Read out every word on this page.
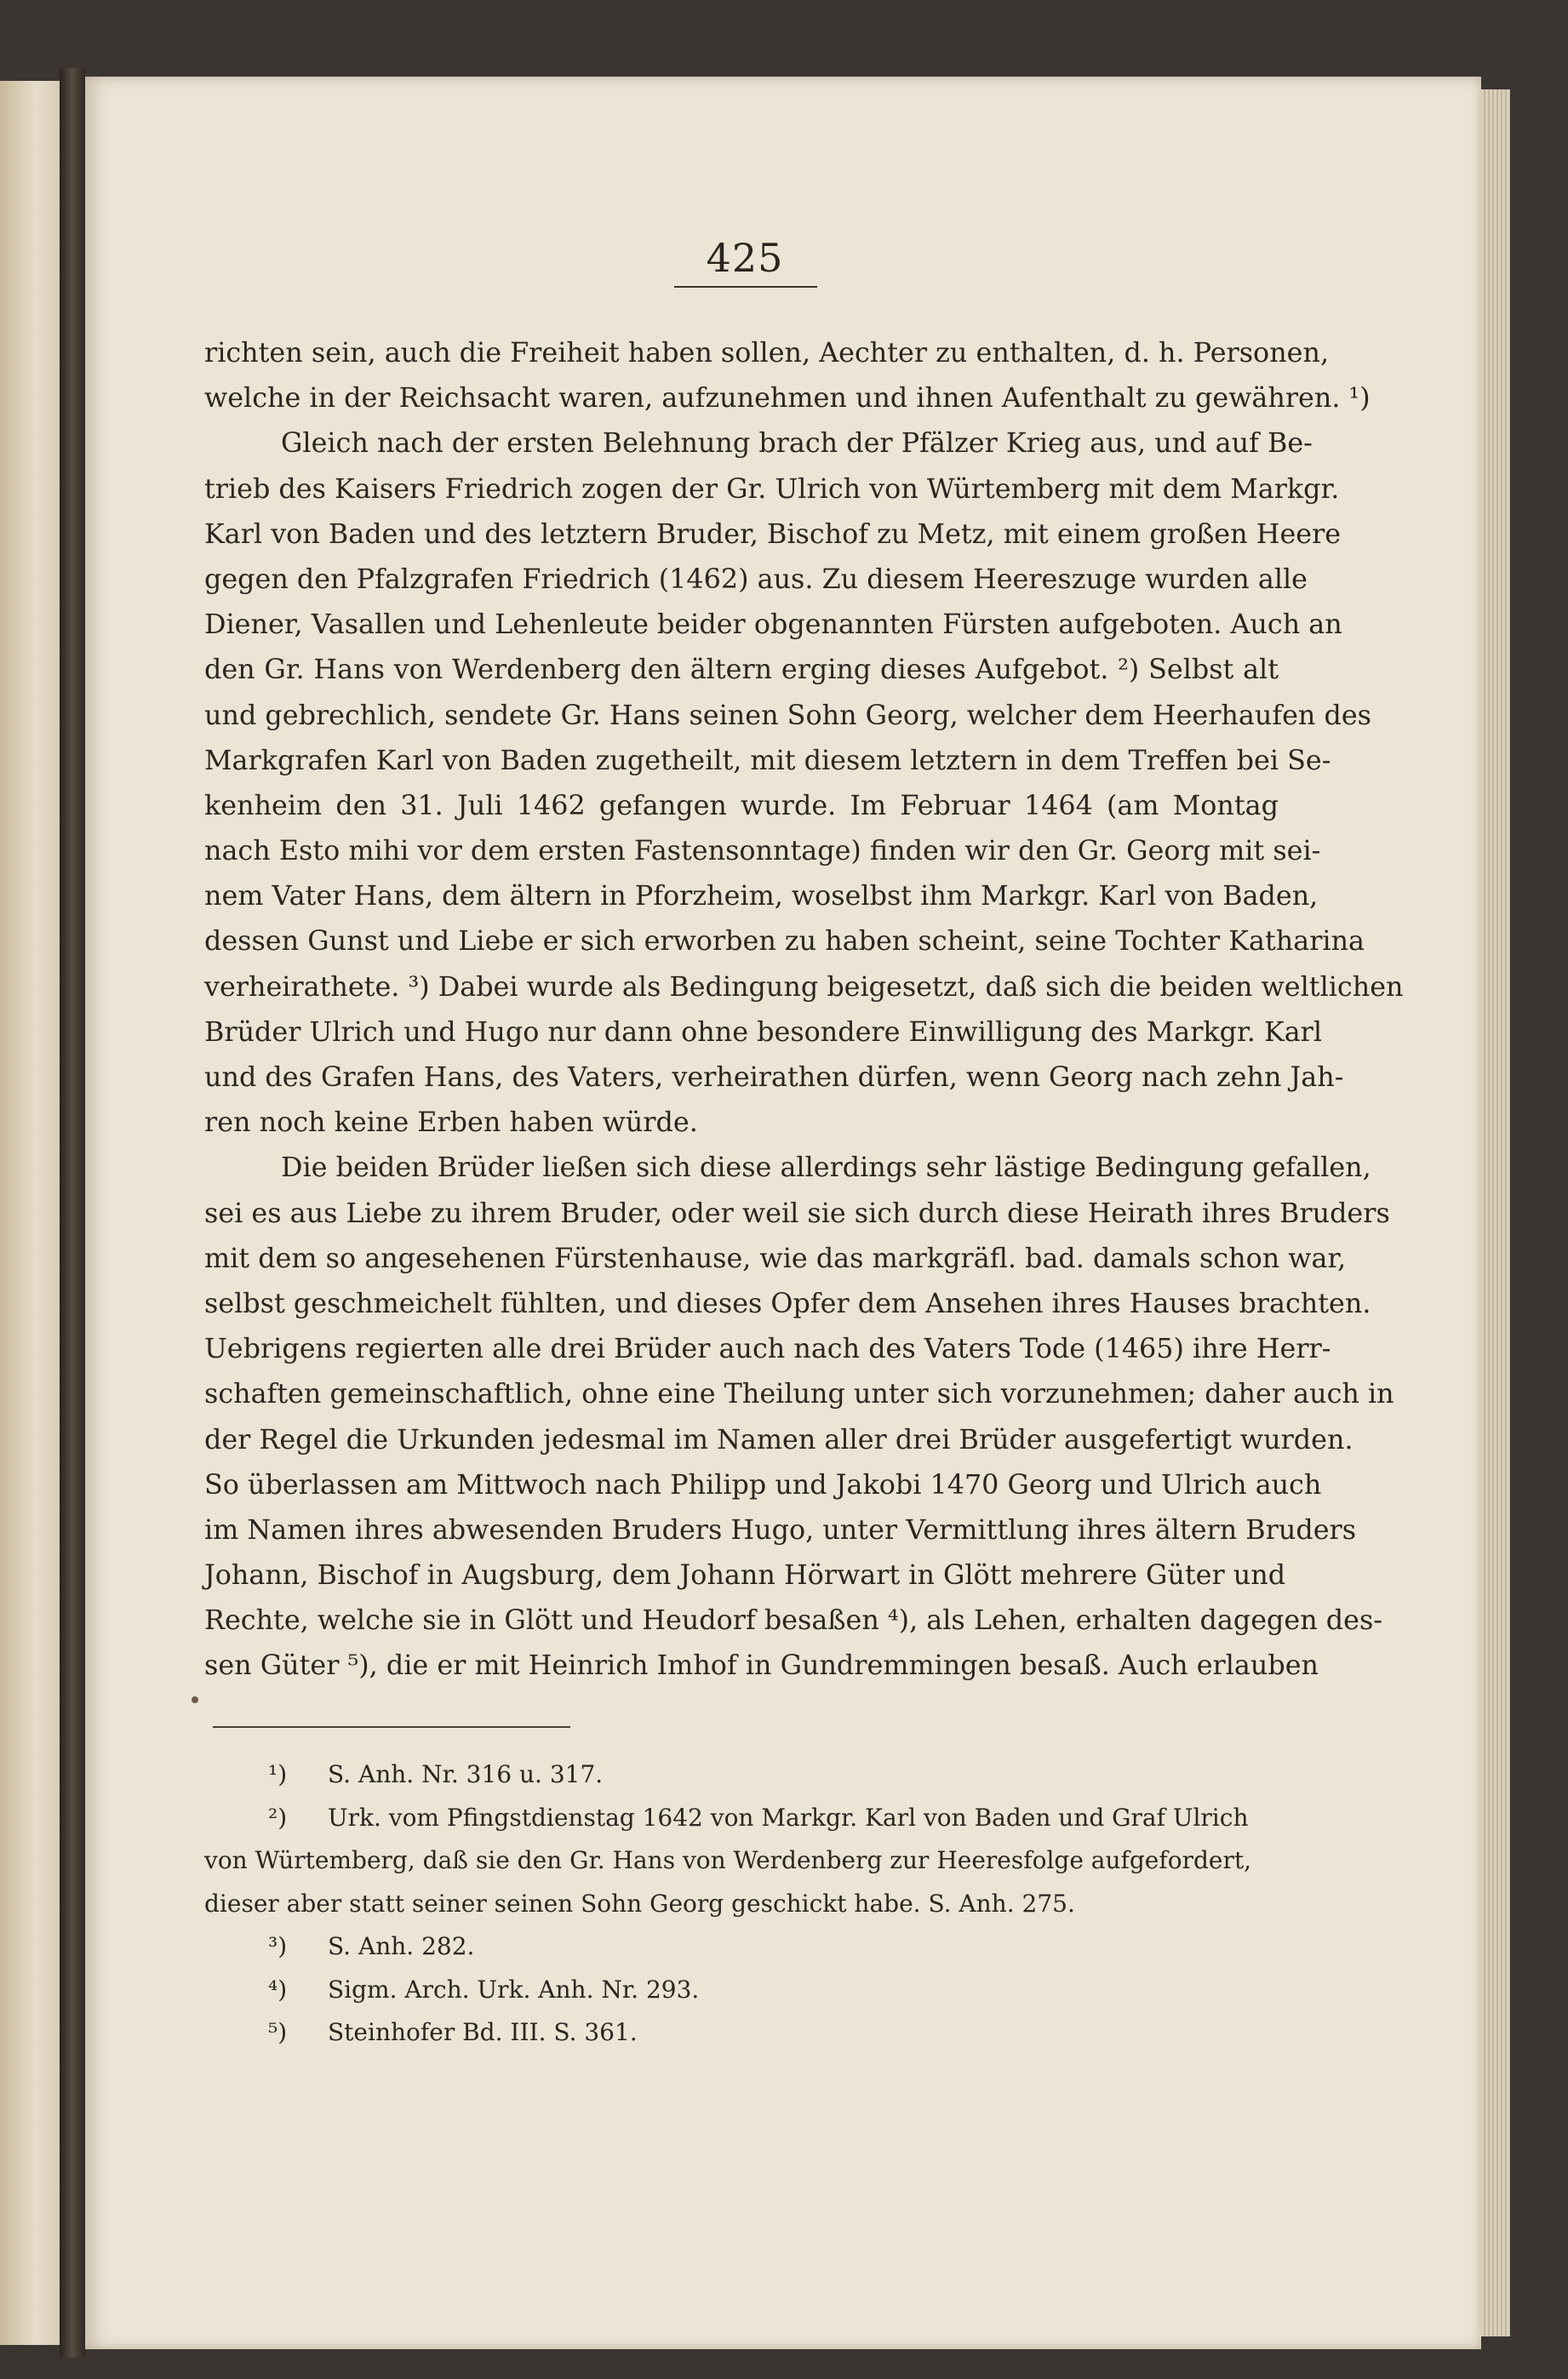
425
richten sein, auch die Freiheit haben sollen, Aechter zu enthalten, d. h. Personen,
welche in der Reichsacht waren, aufzunehmen und ihnen Aufenthalt zu gewähren. ¹)
Gleich nach der ersten Belehnung brach der Pfälzer Krieg aus, und auf Be-
trieb des Kaisers Friedrich zogen der Gr. Ulrich von Würtemberg mit dem Markgr.
Karl von Baden und des letztern Bruder, Bischof zu Metz, mit einem großen Heere
gegen den Pfalzgrafen Friedrich (1462) aus. Zu diesem Heereszuge wurden alle
Diener, Vasallen und Lehenleute beider obgenannten Fürsten aufgeboten. Auch an
den Gr. Hans von Werdenberg den ältern erging dieses Aufgebot. ²) Selbst alt
und gebrechlich, sendete Gr. Hans seinen Sohn Georg, welcher dem Heerhaufen des
Markgrafen Karl von Baden zugetheilt, mit diesem letztern in dem Treffen bei Se-
kenheim den 31. Juli 1462 gefangen wurde. Im Februar 1464 (am Montag
nach Esto mihi vor dem ersten Fastensonntage) finden wir den Gr. Georg mit sei-
nem Vater Hans, dem ältern in Pforzheim, woselbst ihm Markgr. Karl von Baden,
dessen Gunst und Liebe er sich erworben zu haben scheint, seine Tochter Katharina
verheirathete. ³) Dabei wurde als Bedingung beigesetzt, daß sich die beiden weltlichen
Brüder Ulrich und Hugo nur dann ohne besondere Einwilligung des Markgr. Karl
und des Grafen Hans, des Vaters, verheirathen dürfen, wenn Georg nach zehn Jah-
ren noch keine Erben haben würde.
Die beiden Brüder ließen sich diese allerdings sehr lästige Bedingung gefallen,
sei es aus Liebe zu ihrem Bruder, oder weil sie sich durch diese Heirath ihres Bruders
mit dem so angesehenen Fürstenhause, wie das markgräfl. bad. damals schon war,
selbst geschmeichelt fühlten, und dieses Opfer dem Ansehen ihres Hauses brachten.
Uebrigens regierten alle drei Brüder auch nach des Vaters Tode (1465) ihre Herr-
schaften gemeinschaftlich, ohne eine Theilung unter sich vorzunehmen; daher auch in
der Regel die Urkunden jedesmal im Namen aller drei Brüder ausgefertigt wurden.
So überlassen am Mittwoch nach Philipp und Jakobi 1470 Georg und Ulrich auch
im Namen ihres abwesenden Bruders Hugo, unter Vermittlung ihres ältern Bruders
Johann, Bischof in Augsburg, dem Johann Hörwart in Glött mehrere Güter und
Rechte, welche sie in Glött und Heudorf besaßen ⁴), als Lehen, erhalten dagegen des-
sen Güter ⁵), die er mit Heinrich Imhof in Gundremmingen besaß. Auch erlauben
¹) S. Anh. Nr. 316 u. 317.
²) Urk. vom Pfingstdienstag 1642 von Markgr. Karl von Baden und Graf Ulrich
von Würtemberg, daß sie den Gr. Hans von Werdenberg zur Heeresfolge aufgefordert,
dieser aber statt seiner seinen Sohn Georg geschickt habe. S. Anh. 275.
³) S. Anh. 282.
⁴) Sigm. Arch. Urk. Anh. Nr. 293.
⁵) Steinhofer Bd. III. S. 361.
